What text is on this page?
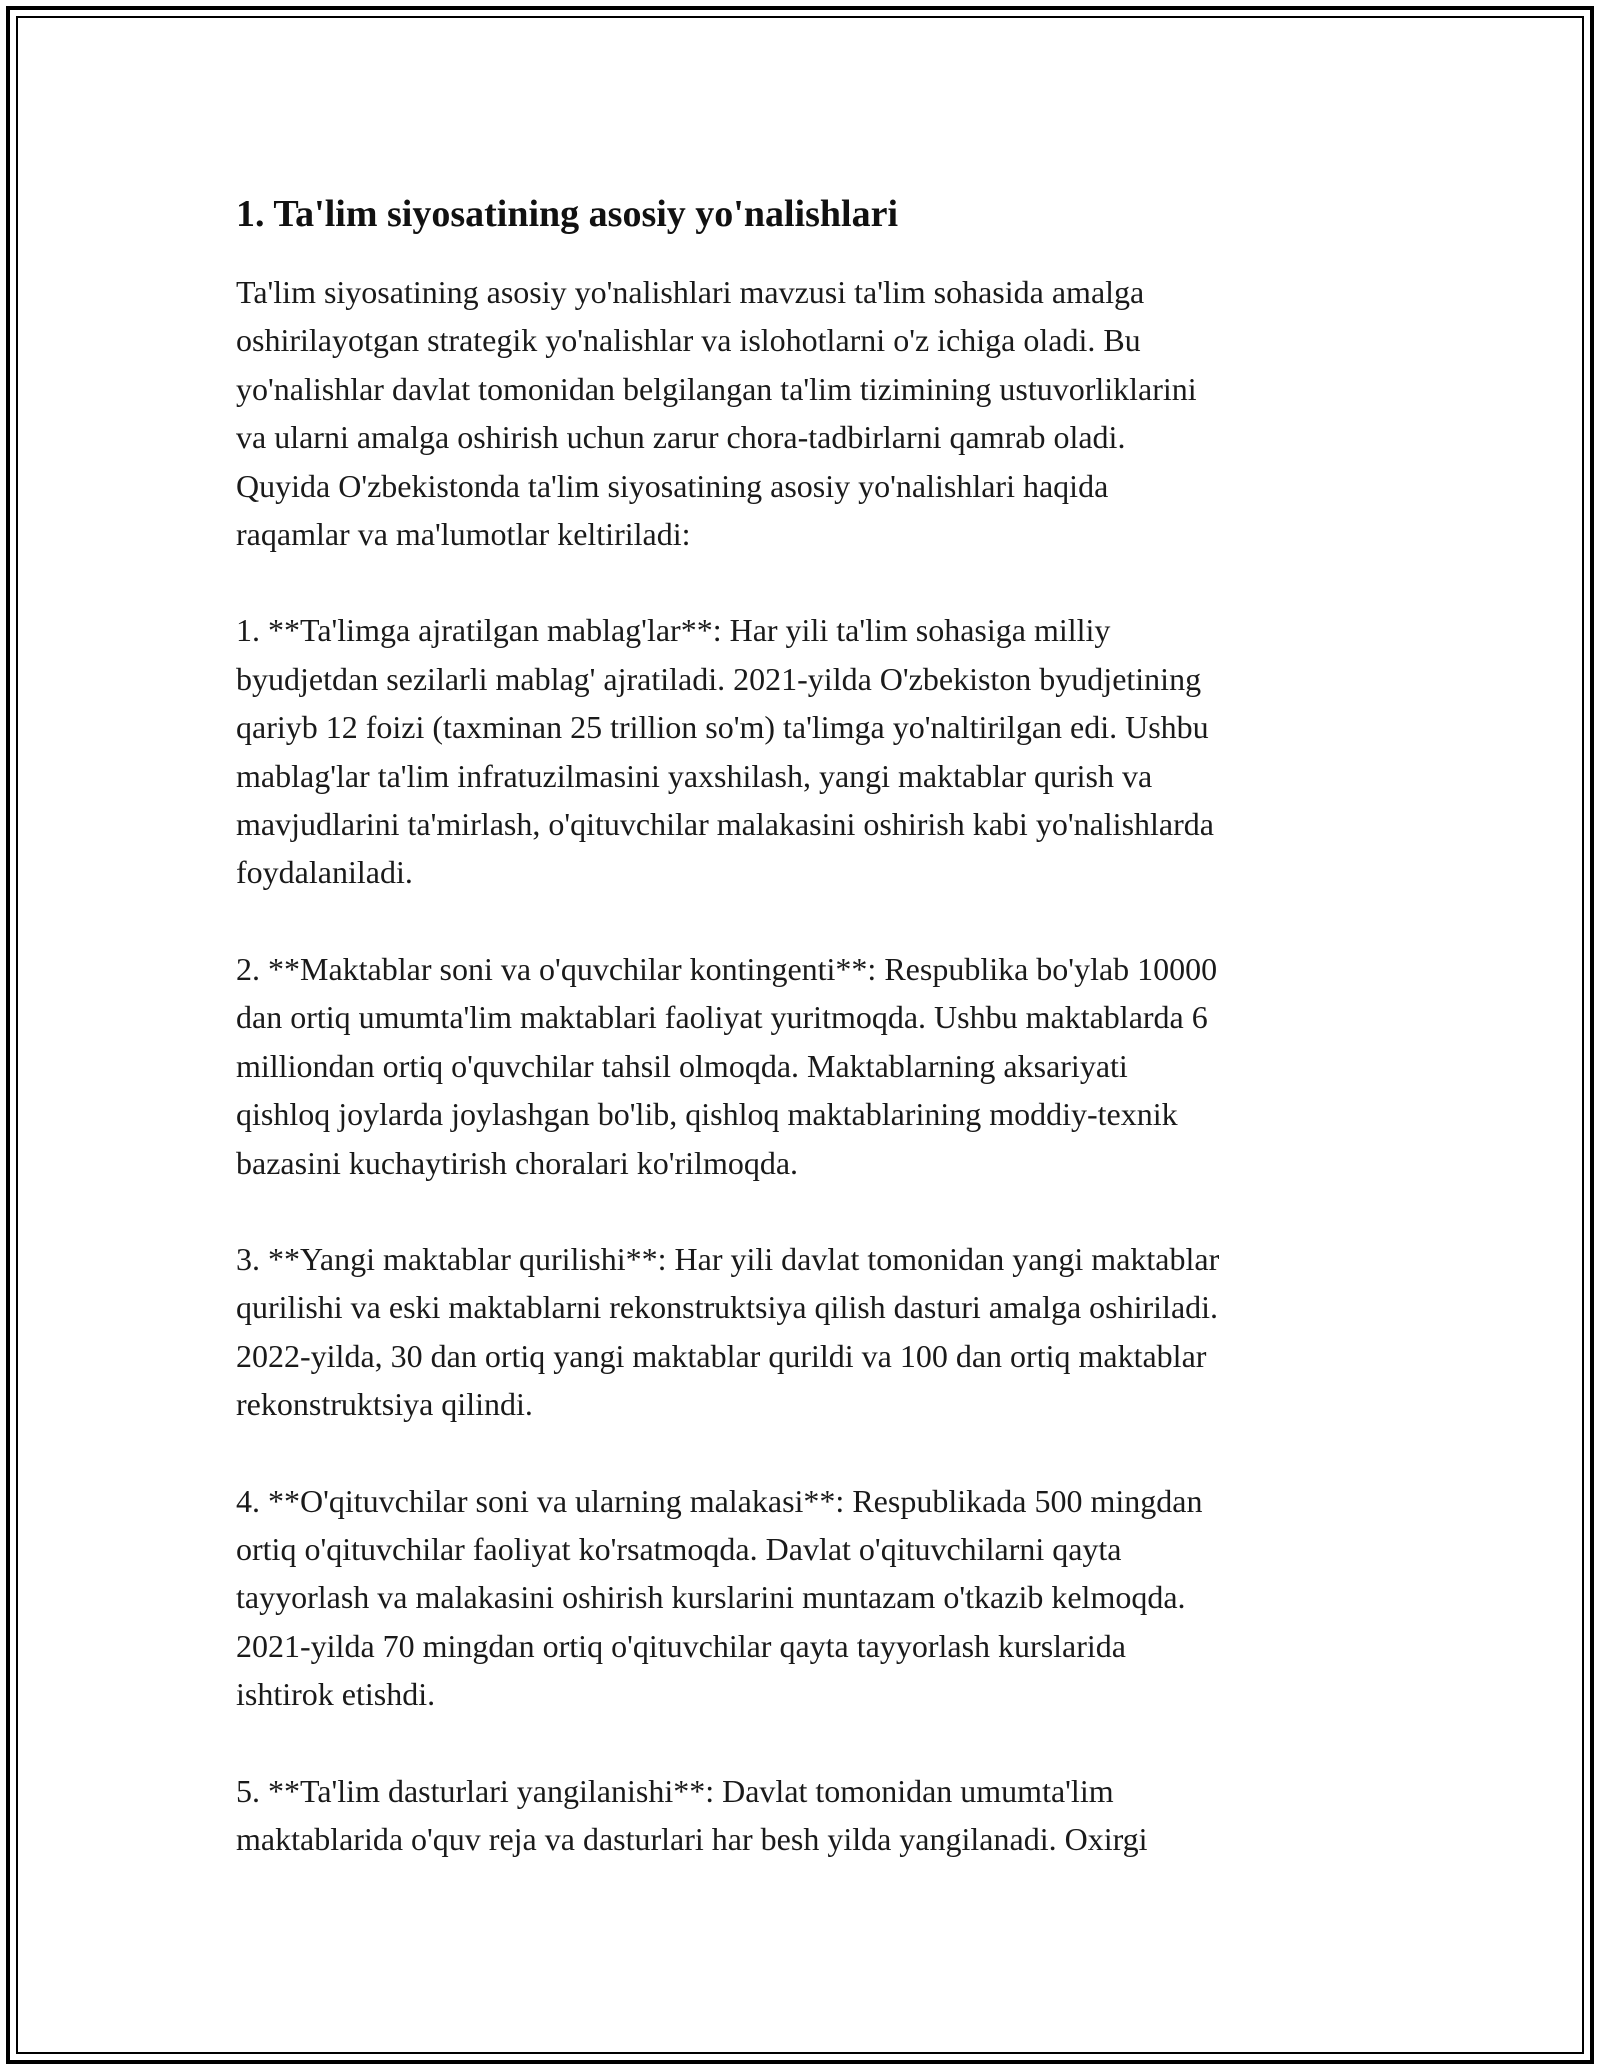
1. Ta'lim siyosatining asosiy yo'nalishlari

Ta'lim siyosatining asosiy yo'nalishlari mavzusi ta'lim sohasida amalga
oshirilayotgan strategik yo'nalishlar va islohotlarni o'z ichiga oladi. Bu
yo'nalishlar davlat tomonidan belgilangan ta'lim tizimining ustuvorliklarini
va ularni amalga oshirish uchun zarur chora-tadbirlarni qamrab oladi.
Quyida O'zbekistonda ta'lim siyosatining asosiy yo'nalishlari haqida
raqamlar va ma'lumotlar keltiriladi:

1. **Ta'limga ajratilgan mablag'lar**: Har yili ta'lim sohasiga milliy
byudjetdan sezilarli mablag' ajratiladi. 2021-yilda O'zbekiston byudjetining
qariyb 12 foizi (taxminan 25 trillion so'm) ta'limga yo'naltirilgan edi. Ushbu
mablag'lar ta'lim infratuzilmasini yaxshilash, yangi maktablar qurish va
mavjudlarini ta'mirlash, o'qituvchilar malakasini oshirish kabi yo'nalishlarda
foydalaniladi.

2. **Maktablar soni va o'quvchilar kontingenti**: Respublika bo'ylab 10000
dan ortiq umumta'lim maktablari faoliyat yuritmoqda. Ushbu maktablarda 6
milliondan ortiq o'quvchilar tahsil olmoqda. Maktablarning aksariyati
qishloq joylarda joylashgan bo'lib, qishloq maktablarining moddiy-texnik
bazasini kuchaytirish choralari ko'rilmoqda.

3. **Yangi maktablar qurilishi**: Har yili davlat tomonidan yangi maktablar
qurilishi va eski maktablarni rekonstruktsiya qilish dasturi amalga oshiriladi.
2022-yilda, 30 dan ortiq yangi maktablar qurildi va 100 dan ortiq maktablar
rekonstruktsiya qilindi.

4. **O'qituvchilar soni va ularning malakasi**: Respublikada 500 mingdan
ortiq o'qituvchilar faoliyat ko'rsatmoqda. Davlat o'qituvchilarni qayta
tayyorlash va malakasini oshirish kurslarini muntazam o'tkazib kelmoqda.
2021-yilda 70 mingdan ortiq o'qituvchilar qayta tayyorlash kurslarida
ishtirok etishdi.

5. **Ta'lim dasturlari yangilanishi**: Davlat tomonidan umumta'lim
maktablarida o'quv reja va dasturlari har besh yilda yangilanadi. Oxirgi
